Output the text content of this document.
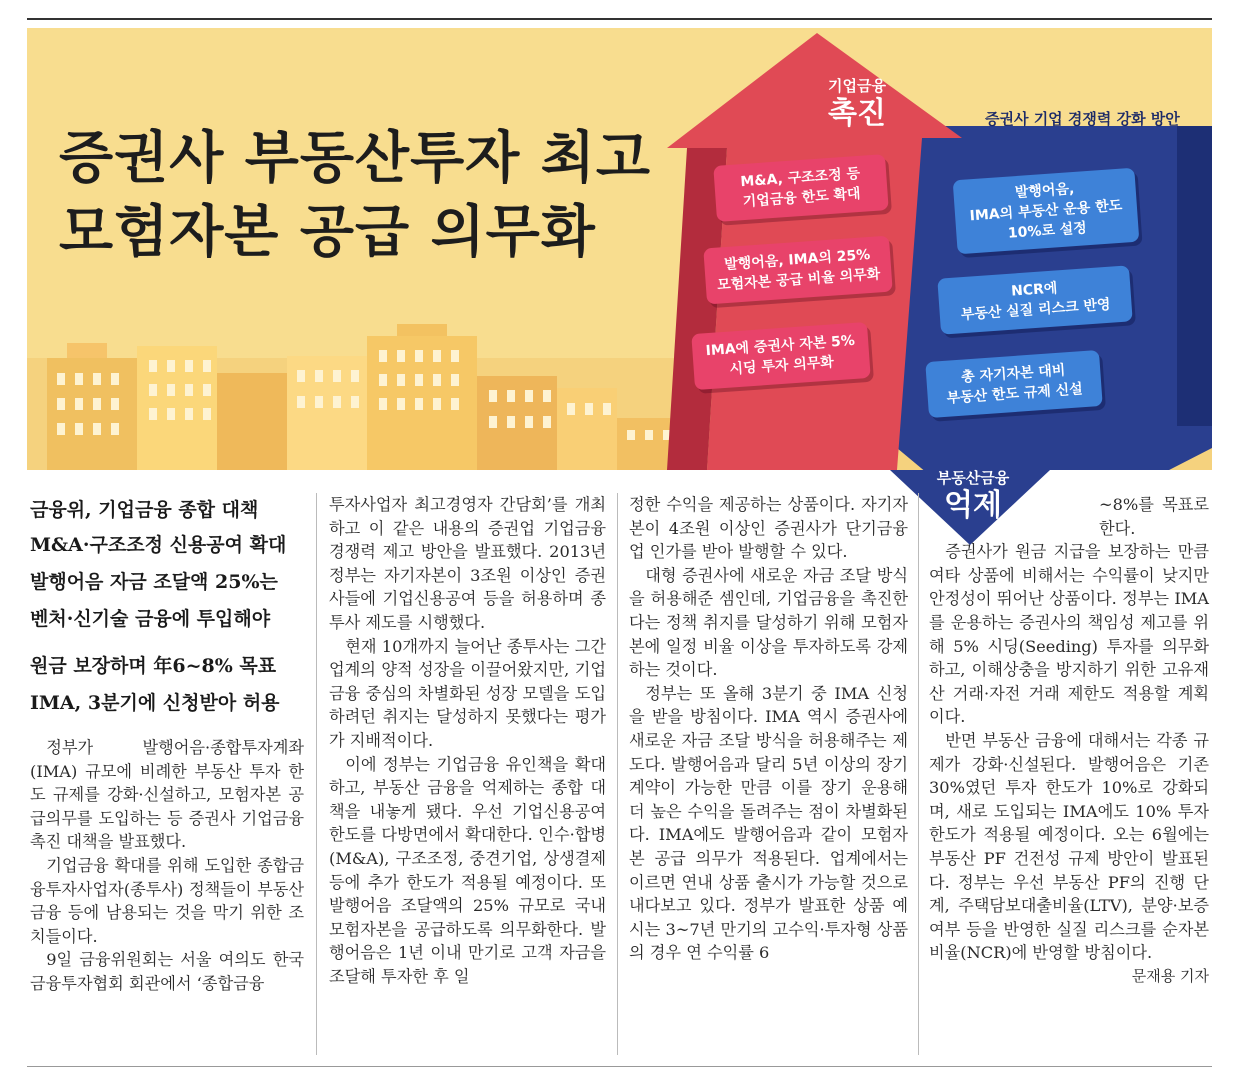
증권사 부동산투자 최고
모험자본 공급 의무화
기업금융
촉진	증권사 기업 경쟁력 강화 방안
M&A, 구조조정 등
기업금융 한도 확대
발행어음, IMA의 25%
모험자본 공급 비율 의무화
IMA에 증권사 자본 5%
시딩 투자 의무화
발행어음,
IMA의 부동산 운용 한도
10%로 설정
NCR에
부동산 실질 리스크 반영
총 자기자본 대비
부동산 한도 규제 신설
부동산금융
억제

금융위, 기업금융 종합 대책

M&A·구조조정 신용공여 확대

발행어음 자금 조달액 25%는

벤처·신기술 금융에 투입해야

원금 보장하며 年6~8% 목표

IMA, 3분기에 신청받아 허용

정부가 발행어음·종합투자계좌(IMA) 규모에 비례한 부동산 투자 한도 규제를 강화·신설하고, 모험자본 공급의무를 도입하는 등 증권사 기업금융 촉진 대책을 발표했다.

기업금융 확대를 위해 도입한 종합금융투자사업자(종투사) 정책들이 부동산 금융 등에 남용되는 것을 막기 위한 조치들이다.

9일 금융위원회는 서울 여의도 한국금융투자협회 회관에서 ‘종합금융

투자사업자 최고경영자 간담회’를 개최하고 이 같은 내용의 증권업 기업금융 경쟁력 제고 방안을 발표했다. 2013년 정부는 자기자본이 3조원 이상인 증권사들에 기업신용공여 등을 허용하며 종투사 제도를 시행했다.

현재 10개까지 늘어난 종투사는 그간 업계의 양적 성장을 이끌어왔지만, 기업금융 중심의 차별화된 성장 모델을 도입하려던 취지는 달성하지 못했다는 평가가 지배적이다.

이에 정부는 기업금융 유인책을 확대하고, 부동산 금융을 억제하는 종합 대책을 내놓게 됐다. 우선 기업신용공여 한도를 다방면에서 확대한다. 인수·합병(M&A), 구조조정, 중견기업, 상생결제 등에 추가 한도가 적용될 예정이다. 또 발행어음 조달액의 25% 규모로 국내 모험자본을 공급하도록 의무화한다. 발행어음은 1년 이내 만기로 고객 자금을 조달해 투자한 후 일

정한 수익을 제공하는 상품이다. 자기자본이 4조원 이상인 증권사가 단기금융업 인가를 받아 발행할 수 있다.

대형 증권사에 새로운 자금 조달 방식을 허용해준 셈인데, 기업금융을 촉진한다는 정책 취지를 달성하기 위해 모험자본에 일정 비율 이상을 투자하도록 강제하는 것이다.

정부는 또 올해 3분기 중 IMA 신청을 받을 방침이다. IMA 역시 증권사에 새로운 자금 조달 방식을 허용해주는 제도다. 발행어음과 달리 5년 이상의 장기 계약이 가능한 만큼 이를 장기 운용해 더 높은 수익을 돌려주는 점이 차별화된다. IMA에도 발행어음과 같이 모험자본 공급 의무가 적용된다. 업계에서는 이르면 연내 상품 출시가 가능할 것으로 내다보고 있다. 정부가 발표한 상품 예시는 3~7년 만기의 고수익·투자형 상품의 경우 연 수익률 6

~8%를 목표로 한다.

증권사가 원금 지급을 보장하는 만큼 여타 상품에 비해서는 수익률이 낮지만 안정성이 뛰어난 상품이다. 정부는 IMA를 운용하는 증권사의 책임성 제고를 위해 5% 시딩(Seeding) 투자를 의무화하고, 이해상충을 방지하기 위한 고유재산 거래·자전 거래 제한도 적용할 계획이다.

반면 부동산 금융에 대해서는 각종 규제가 강화·신설된다. 발행어음은 기존 30%였던 투자 한도가 10%로 강화되며, 새로 도입되는 IMA에도 10% 투자 한도가 적용될 예정이다. 오는 6월에는 부동산 PF 건전성 규제 방안이 발표된다. 정부는 우선 부동산 PF의 진행 단계, 주택담보대출비율(LTV), 분양·보증 여부 등을 반영한 실질 리스크를 순자본비율(NCR)에 반영할 방침이다.

문재용 기자
